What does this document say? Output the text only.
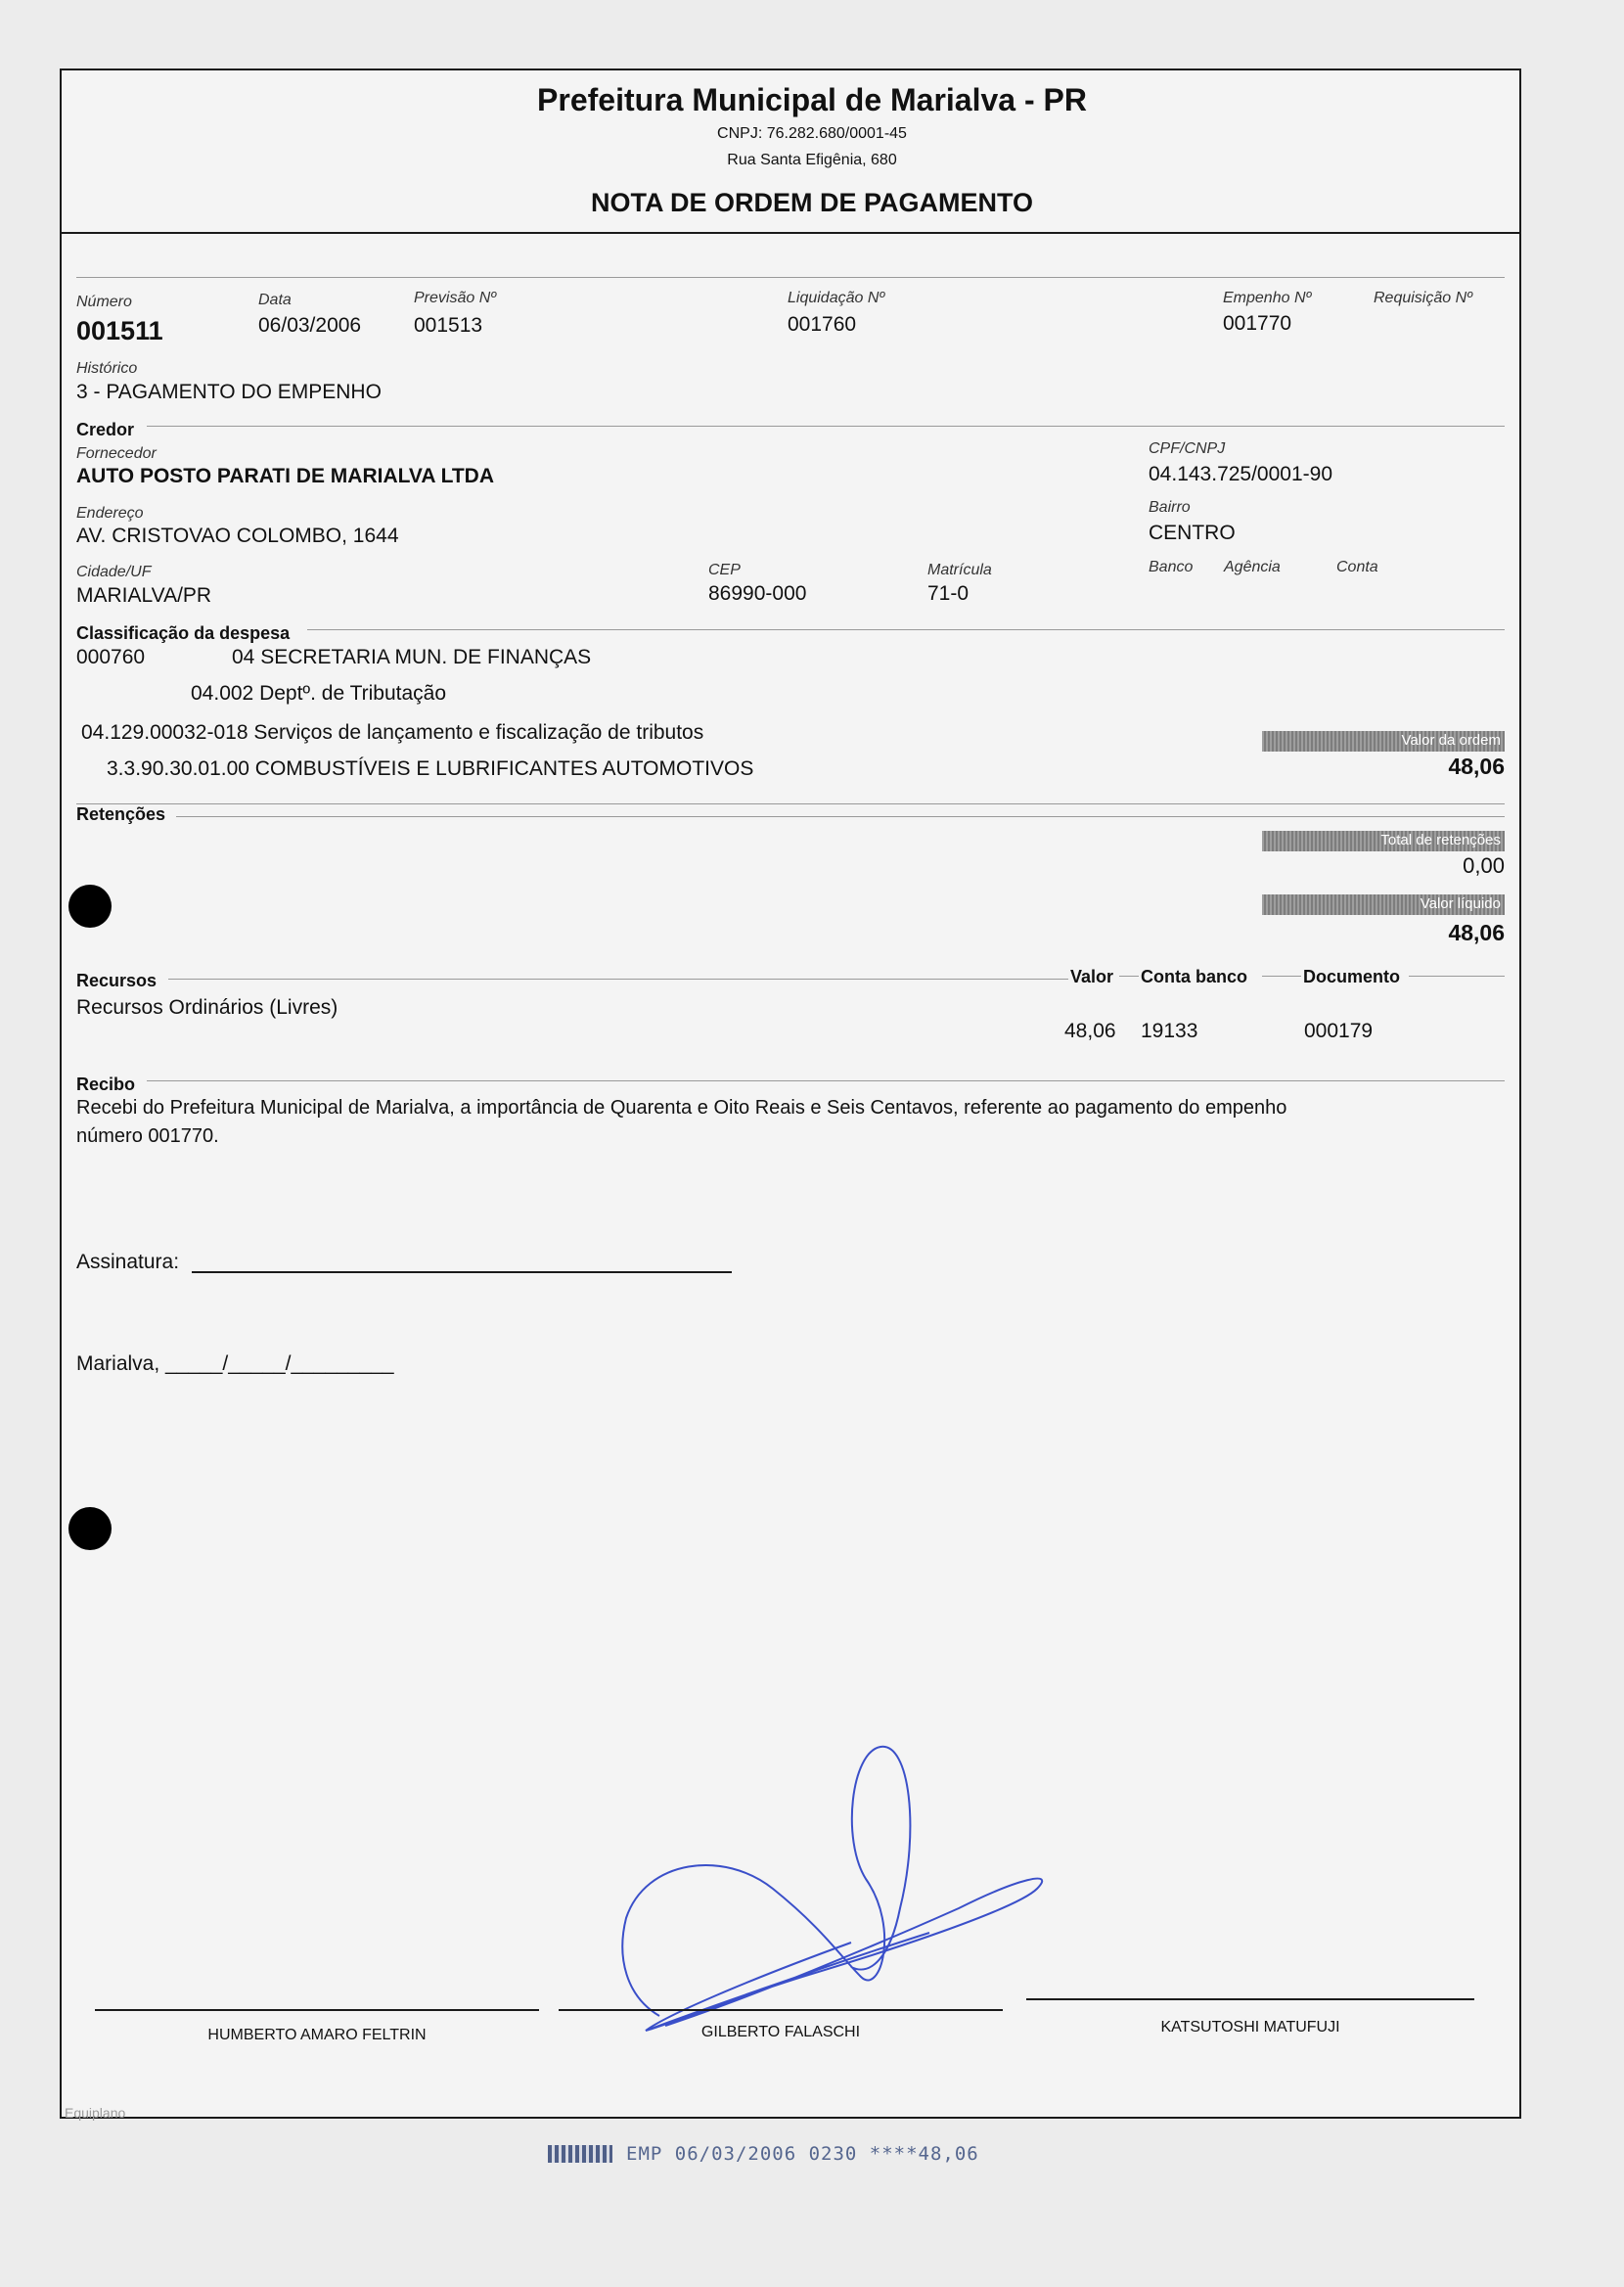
Prefeitura Municipal de Marialva - PR
CNPJ: 76.282.680/0001-45
Rua Santa Efigênia, 680
NOTA DE ORDEM DE PAGAMENTO
Número
001511
Data
06/03/2006
Previsão Nº
001513
Liquidação Nº
001760
Empenho Nº
001770
Requisição Nº
Histórico
3 - PAGAMENTO DO EMPENHO
Credor
Fornecedor
AUTO POSTO PARATI DE MARIALVA LTDA
CPF/CNPJ
04.143.725/0001-90
Endereço
AV. CRISTOVAO COLOMBO, 1644
Bairro
CENTRO
Cidade/UF
MARIALVA/PR
CEP
86990-000
Matrícula
71-0
Banco Agência	Conta
Classificação da despesa
000760	04 SECRETARIA MUN. DE FINANÇAS
04.002 Deptº. de Tributação
04.129.00032-018 Serviços de lançamento e fiscalização de tributos
3.3.90.30.01.00 COMBUSTÍVEIS E LUBRIFICANTES AUTOMOTIVOS
Valor da ordem
48,06
Retenções
Total de retenções
0,00
Valor líquido
48,06
Recursos	Valor Conta banco	Documento
Recursos Ordinários (Livres)
48,06 19133	000179
Recibo
Recebi do Prefeitura Municipal de Marialva, a importância de Quarenta e Oito Reais e Seis Centavos, referente ao pagamento do empenho
número 001770.
Assinatura:
Marialva, _____/_____/_________
HUMBERTO AMARO FELTRIN	GILBERTO FALASCHI	KATSUTOSHI MATUFUJI
Equiplano
EMP 06/03/2006 0230 ****48,06
